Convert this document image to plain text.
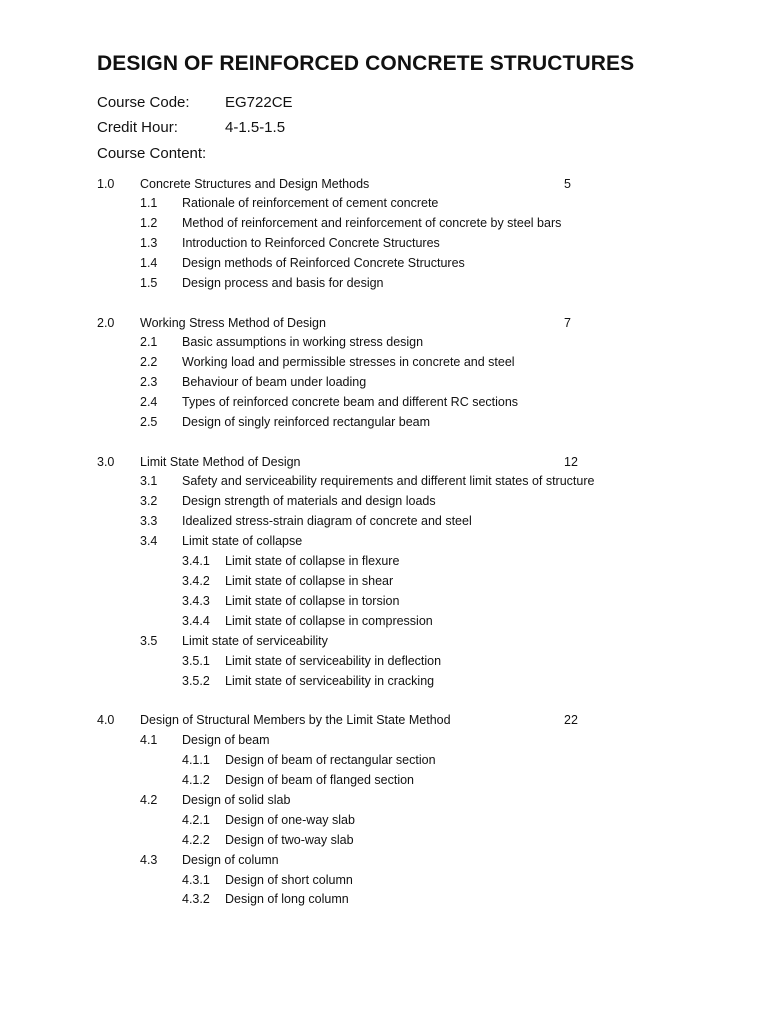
DESIGN OF REINFORCED CONCRETE STRUCTURES
Course Code: EG722CE
Credit Hour:	4-1.5-1.5
Course Content:
1.0 Concrete Structures and Design Methods	5
1.1 Rationale of reinforcement of cement concrete
1.2 Method of reinforcement and reinforcement of concrete by steel bars
1.3 Introduction to Reinforced Concrete Structures
1.4 Design methods of Reinforced Concrete Structures
1.5 Design process and basis for design
2.0 Working Stress Method of Design	7
2.1 Basic assumptions in working stress design
2.2 Working load and permissible stresses in concrete and steel
2.3 Behaviour of beam under loading
2.4 Types of reinforced concrete beam and different RC sections
2.5 Design of singly reinforced rectangular beam
3.0 Limit State Method of Design	12
3.1 Safety and serviceability requirements and different limit states of structure
3.2 Design strength of materials and design loads
3.3 Idealized stress-strain diagram of concrete and steel
3.4 Limit state of collapse
3.4.1 Limit state of collapse in flexure
3.4.2 Limit state of collapse in shear
3.4.3 Limit state of collapse in torsion
3.4.4 Limit state of collapse in compression
3.5 Limit state of serviceability
3.5.1 Limit state of serviceability in deflection
3.5.2 Limit state of serviceability in cracking
4.0 Design of Structural Members by the Limit State Method	22
4.1 Design of beam
4.1.1 Design of beam of rectangular section
4.1.2 Design of beam of flanged section
4.2 Design of solid slab
4.2.1 Design of one-way slab
4.2.2 Design of two-way slab
4.3 Design of column
4.3.1 Design of short column
4.3.2 Design of long column
